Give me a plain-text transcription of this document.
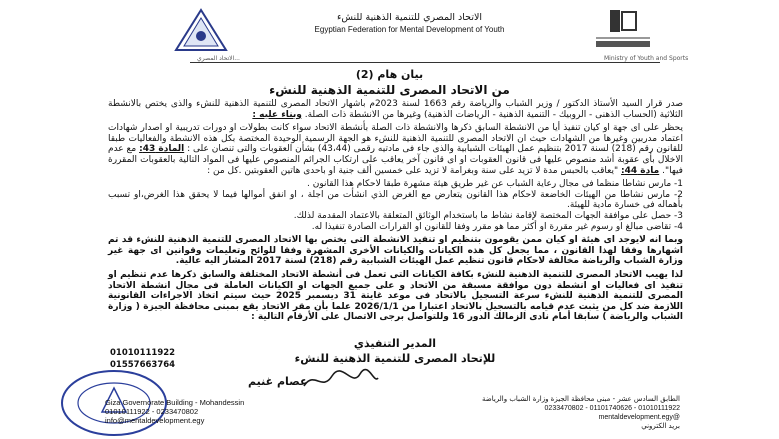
الاتحاد المصري للتنمية الذهنية للنشء
Egyptian Federation for Mental Development of Youth
الاتحاد المصري...	Ministry of Youth and Sports
بيان هام (2)
من الاتحاد المصرى للتنمية الذهنية للنشء

صدر قرار السيد الأستاذ الدكتور / وزير الشباب والرياضة رقم 1663 لسنة 2023م باشهار الاتحاد المصرى للتنمية الذهنية للنشء والذى يختص بالانشطة الثلاثية (الحساب الذهنى - الروبيك - التنمية الذهنية - الرياضات الذهنية) وغيرها من الانشطة ذات الصلة. وبناء عليه :

يحظر على اى جهة او كيان تنفيذ أيا من الانشطة السابق ذكرها والانشطة ذات الصلة بأنشطة الاتحاد سواء كانت بطولات او دورات تدريبية او اصدار شهادات اعتماد مدربين وغيرها من الشهادات حيث ان الاتحاد المصرى للتنمية الذهنية للنشء هو الجهة الرسمية الوحيدة المختصة بكل هذه الانشطة والفعاليات طبقا للقانون رقم (218) لسنة 2017 بتنظيم عمل الهيئات الشبابية والذى جاء فى مادتيه رقمى (43،44) بشأن العقوبات والتى تنصان على : المادة 43: مع عدم الاخلال بأى عقوبة أشد منصوص عليها فى قانون العقوبات او اى قانون آخر يعاقب على ارتكاب الجرائم المنصوص عليها فى المواد التالية بالعقوبات المقررة فيها". مادة 44: "يعاقب بالحبس مدة لا تزيد على سنة وبغرامة لا تزيد على خمسين ألف جنية او باحدى هاتين العقوبتين .كل من :

1- مارس نشاطا منظما فى مجال رعاية الشباب عن غير طريق هيئة مشهرة طبقا لاحكام هذا القانون .
2- مارس نشاطا من الهيئات الخاضعة لاحكام هذا القانون يتعارض مع الغرض الذي انشأت من اجلة ، او انفق أموالها فيما لا يحقق هذا الغرض،او تسبب بأهماله فى خسارة مادية للهيئة.
3- حصل على موافقة الجهات المختصة لإقامة نشاط ما باستخدام الوثائق المتعلقة بالاعتماد المقدمة لذلك.
4- تقاضى مبالغ او رسوم غير مقررة او أكثر مما هو مقرر وفقا للقانون او القرارات الصادرة تنفيذا له.

وبما انه لايوجد اى هيئة او كيان ممن يقومون بتنظيم او تنفيذ الانشطة التى يختص بها الاتحاد المصرى للتنمية الذهنية للنشء قد تم اشهارها وفقا لهذا القانون ، مما يجعل كل هذه الكيانات والكيانات الأخرى المشهرة وفقا للوائح وتعليمات وقوانين اى جهة غير وزارة الشباب والرياضة مخالفة لاحكام قانون تنظيم عمل الهيئات الشبابية رقم (218) لسنة 2017 المشار اليه عالية.

لذا يهيب الاتحاد المصرى للتنمية الذهنية للنشء بكافة الكيانات التى تعمل فى أنشطة الاتحاد المختلفة والسابق ذكرها عدم تنظيم او تنفيذ اى فعاليات او انشطة دون موافقة مسبقة من الاتحاد و على جميع الجهات او الكيانات العاملة فى مجال انشطة الاتحاد المصرى للتنمية الذهنية للنشء سرعة التسجيل بالاتحاد فى موعد غايتة 31 ديسمبر 2025 حيث سيتم اتخاذ الاجراءات القانونية اللازمة ضد كل من يثبت عدم قيامه بالتسجيل بالاتحاد اعتبارا من 2026/1/1 علما بأن مقر الاتحاد يقع بمبنى محافظة الجيزة ( وزارة الشباب والرياضة ) سابقا أمام نادى الزمالك الدور 16 وللتواصل برجى الاتصال على الأرقام التالية :

01010111922
01557663764
المدير التنفيذي
للإتحاد المصرى للتنمية الذهنية للنشء
عصام غنيم
Giza Governorate Building - Mohandessin
01010111922 - 0233470802
info@mentaldevelopment.egy
الطابق السادس عشر - مبنى محافظة الجيزة وزارة الشباب والرياضة
0233470802 - 01101740626 - 01010111922
mentaldevelopment.egy@
بريد الكتروني
